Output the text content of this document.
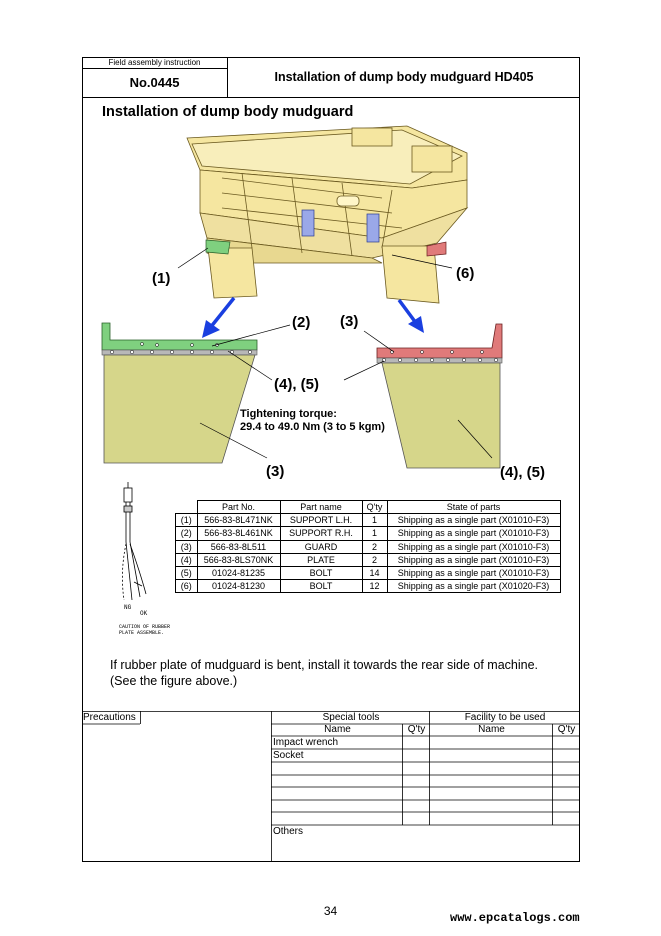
Field assembly instruction
No.0445	Installation of dump body mudguard HD405
Installation of dump body mudguard
(1)	(6)
(2) (3)
(4), (5)
(3)	(4), (5)
Tightening torque:
29.4 to 49.0 Nm (3 to 5 kgm)
NG
OK
CAUTION OF RUBBER
PLATE ASSEMBLE.
	Part No.	Part name	Q'ty	State of parts
(1)	566-83-8L471NK	SUPPORT L.H.	1	Shipping as a single part (X01010-F3)
(2)	566-83-8L461NK	SUPPORT R.H.	1	Shipping as a single part (X01010-F3)
(3)	566-83-8L511	GUARD	2	Shipping as a single part (X01010-F3)
(4)	566-83-8LS70NK	PLATE	2	Shipping as a single part (X01010-F3)
(5)	01024-81235	BOLT	14	Shipping as a single part (X01010-F3)
(6)	01024-81230	BOLT	12	Shipping as a single part (X01020-F3)
If rubber plate of mudguard is bent, install it towards the rear side of machine. (See the figure above.)
Precautions	Special tools	Facility to be used
Name	Q'ty	Name	Q'ty
Impact wrench
Socket
Others
34	www.epcatalogs.com
